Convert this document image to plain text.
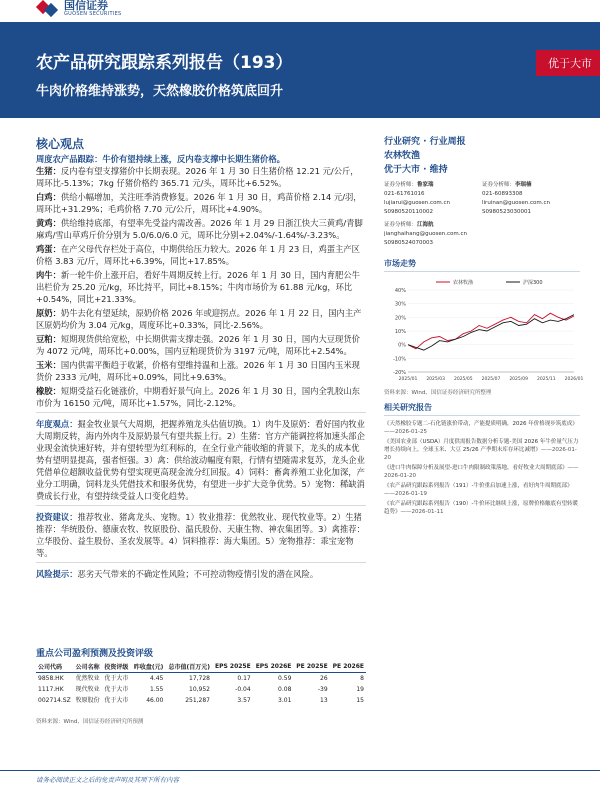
国信证券
GUOSEN SECURITIES
农产品研究跟踪系列报告（193）
牛肉价格维持涨势，天然橡胶价格筑底回升
优于大市
核心观点
周度农产品跟踪：牛价有望持续上涨，反内卷支撑中长期生猪价格。
生猪：反内卷有望支撑猪价中长期表现。2026 年 1 月 30 日生猪价格 12.21 元/公斤，周环比-5.13%；7kg 仔猪价格约 365.71 元/头，周环比+6.52%。
白鸡：供给小幅增加，关注旺季消费修复。2026 年 1 月 30 日，鸡苗价格 2.14 元/羽，周环比+31.29%；毛鸡价格 7.70 元/公斤，周环比+4.90%。
黄鸡：供给维持底部，有望率先受益内需改善。2026 年 1 月 29 日浙江快大三黄鸡/青脚麻鸡/雪山草鸡斤价分别为 5.0/6.0/6.0 元，周环比分别+2.04%/-1.64%/-3.23%。
鸡蛋：在产父母代存栏处于高位，中期供给压力较大。2026 年 1 月 23 日，鸡蛋主产区价格 3.83 元/斤，周环比+6.39%，同比+17.85%。
肉牛：新一轮牛价上涨开启，看好牛周期反转上行。2026 年 1 月 30 日，国内育肥公牛出栏价为 25.20 元/kg，环比持平，同比+8.15%；牛肉市场价为 61.88 元/kg，环比+0.54%，同比+21.33%。
原奶：奶牛去化有望延续，原奶价格 2026 年或迎拐点。2026 年 1 月 22 日，国内主产区原奶均价为 3.04 元/kg，周度环比+0.33%，同比-2.56%。
豆粕：短期现货供给宽松，中长期供需支撑走强。2026 年 1 月 30 日，国内大豆现货价为 4072 元/吨，周环比+0.00%，国内豆粕现货价为 3197 元/吨，周环比+2.54%。
玉米：国内供需平衡趋于收紧，价格有望维持温和上涨。2026 年 1 月 30 日国内玉米现货价 2333 元/吨，周环比+0.09%，同比+9.63%。
橡胶：短期受益石化链涨价，中期看好景气向上。2026 年 1 月 30 日，国内全乳胶山东市价为 16150 元/吨，周环比+1.57%，同比-2.12%。
年度观点：掘金牧业景气大周期，把握养殖龙头估值切换。1）肉牛及原奶：看好国内牧业大周期反转，海内外肉牛及原奶景气有望共振上行。2）生猪：官方产能调控将加速头部企业现金流快速好转，并有望转型为红利标的，在全行业产能收缩的背景下，龙头的成本优势有望明显提高，强者恒强。3）禽：供给波动幅度有限，行情有望随需求复苏，龙头企业凭借单位超额收益优势有望实现更高现金流分红回报。4）饲料：畜禽养殖工业化加深，产业分工明确，饲料龙头凭借技术和服务优势，有望进一步扩大竞争优势。5）宠物：稀缺消费成长行业，有望持续受益人口变化趋势。
投资建议：推荐牧业、猪禽龙头、宠物。1）牧业推荐：优然牧业、现代牧业等。2）生猪推荐：华统股份、德康农牧、牧原股份、温氏股份、天康生物、神农集团等。3）禽推荐：立华股份、益生股份、圣农发展等。4）饲料推荐：海大集团。5）宠物推荐：乖宝宠物等。
风险提示：恶劣天气带来的不确定性风险；不可控动物疫情引发的潜在风险。
重点公司盈利预测及投资评级
公司代码	公司名称	投资评级	昨收盘(元)	总市值(百万元)	EPS 2025E	EPS 2026E	PE 2025E	PE 2026E
9858.HK	优然牧业	优于大市	4.45	17,728	0.17	0.59	26	8
1117.HK	现代牧业	优于大市	1.55	10,952	-0.04	0.08	-39	19
002714.SZ	牧原股份	优于大市	46.00	251,287	3.57	3.01	13	15
资料来源：Wind、国信证券经济研究所预测
行业研究 · 行业周报
农林牧渔
优于大市 · 维持
证券分析师：鲁家瑞
021-61761016
lujiarui@guosen.com.cn
S0980520110002
证券分析师：李瑞楠
021-60893308
liruinan@guosen.com.cn
S0980523030001
证券分析师：江海航
jianghaihang@guosen.com.cn
S0980524070003
市场走势
40%
30%
20%
10%
0%
-10%
-20%
2025/01 2025/03 2025/05 2025/07 2025/09 2025/11 2026/01
农林牧渔	沪深300
资料来源：Wind、国信证券经济研究所整理
相关研究报告
《天然橡胶专题二-石化链涨价带动，产能提质明确，2026 年价格现步筑底成》——2026-01-25
《美国农业部（USDA）月度供需报告数据分析专题-美国 2026 年牛价量气压力增长持续向上，全球玉米、大豆 25/26 产季期末库存环比减增》——2026-01-20
《进口牛肉保障分析及展望-进口牛肉限制政策落地，看好牧业大周期底部》——2026-01-20
《农产品研究跟踪系列报告（191）-牛价重启加速上涨，看好肉牛周期底部》——2026-01-19
《农产品研究跟踪系列报告（190）-牛价环比继续上涨，原牌价格触底有望转暖趋势》——2026-01-11
请务必阅读正文之后的免责声明及其项下所有内容
